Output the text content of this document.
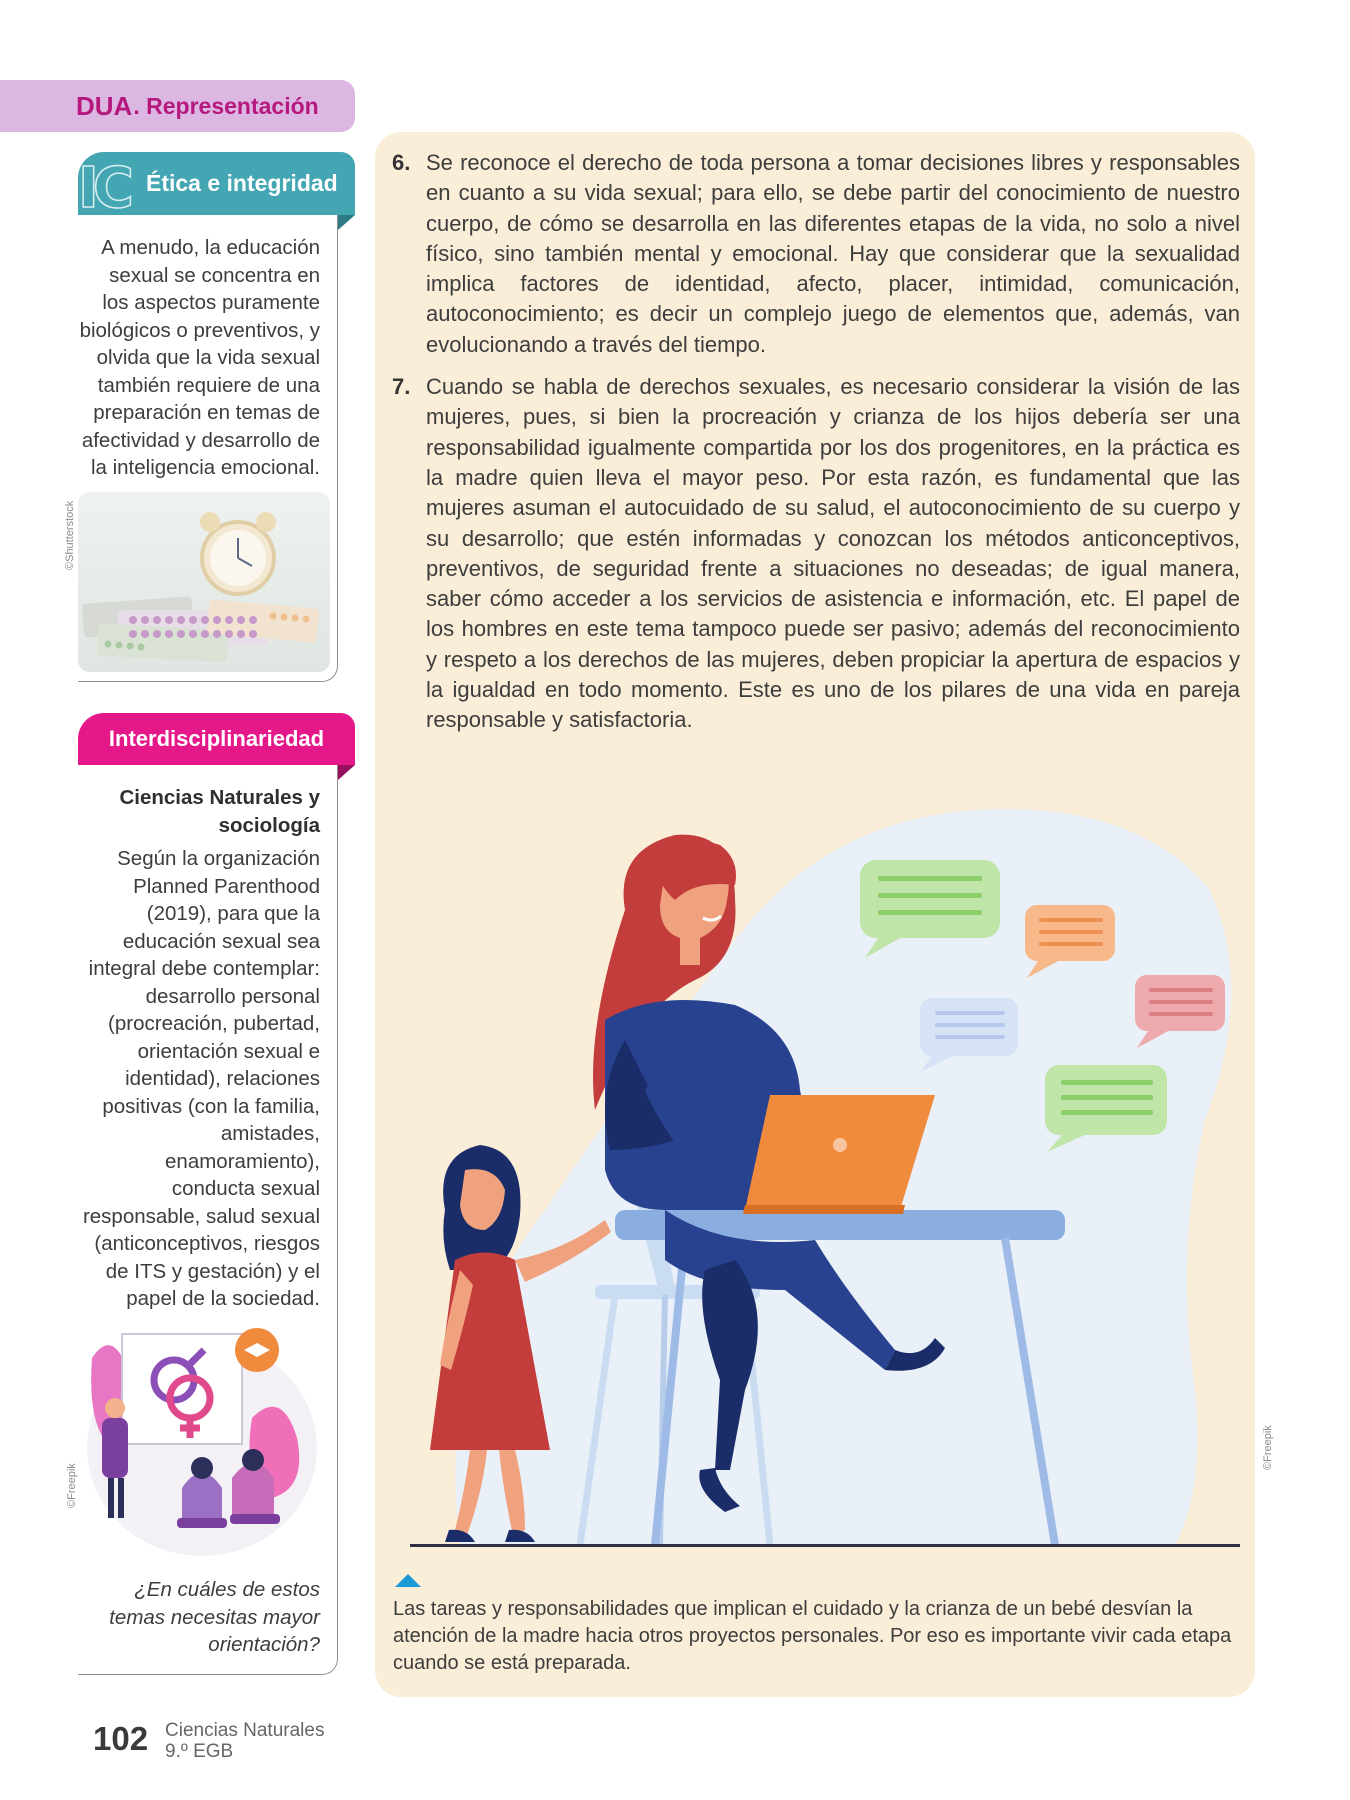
DUA . Representación
IC Ética e integridad

A menudo, la educación sexual se concentra en los aspectos puramente biológicos o preventivos, y olvida que la vida sexual también requiere de una preparación en temas de afectividad y desarrollo de la inteligencia emocional.

©Shutterstock
Interdisciplinariedad

Ciencias Naturales y sociología

Según la organización Planned Parenthood (2019), para que la educación sexual sea integral debe contemplar: desarrollo personal (procreación, pubertad, orientación sexual e identidad), relaciones positivas (con la familia, amistades, enamoramiento), conducta sexual responsable, salud sexual (anticonceptivos, riesgos de ITS y gestación) y el papel de la sociedad.

©Freepik

¿En cuáles de estos temas necesitas mayor orientación?

6. Se reconoce el derecho de toda persona a tomar decisiones libres y responsables en cuanto a su vida sexual; para ello, se debe partir del conocimiento de nuestro cuerpo, de cómo se desarrolla en las diferentes etapas de la vida, no solo a nivel físico, sino también mental y emocional. Hay que considerar que la sexualidad implica factores de identidad, afecto, placer, intimidad, comunicación, autoconocimiento; es decir un complejo juego de elementos que, además, van evolucionando a través del tiempo.

7. Cuando se habla de derechos sexuales, es necesario considerar la visión de las mujeres, pues, si bien la procreación y crianza de los hijos debería ser una responsabilidad igualmente compartida por los dos progenitores, en la práctica es la madre quien lleva el mayor peso. Por esta razón, es fundamental que las mujeres asuman el autocuidado de su salud, el autoconocimiento de su cuerpo y su desarrollo; que estén informadas y conozcan los métodos anticonceptivos, preventivos, de seguridad frente a situaciones no deseadas; de igual manera, saber cómo acceder a los servicios de asistencia e información, etc. El papel de los hombres en este tema tampoco puede ser pasivo; además del reconocimiento y respeto a los derechos de las mujeres, deben propiciar la apertura de espacios y la igualdad en todo momento. Este es uno de los pilares de una vida en pareja responsable y satisfactoria.

©Freepik

Las tareas y responsabilidades que implican el cuidado y la crianza de un bebé desvían la atención de la madre hacia otros proyectos personales. Por eso es importante vivir cada etapa cuando se está preparada.

102 Ciencias Naturales
9.º EGB
